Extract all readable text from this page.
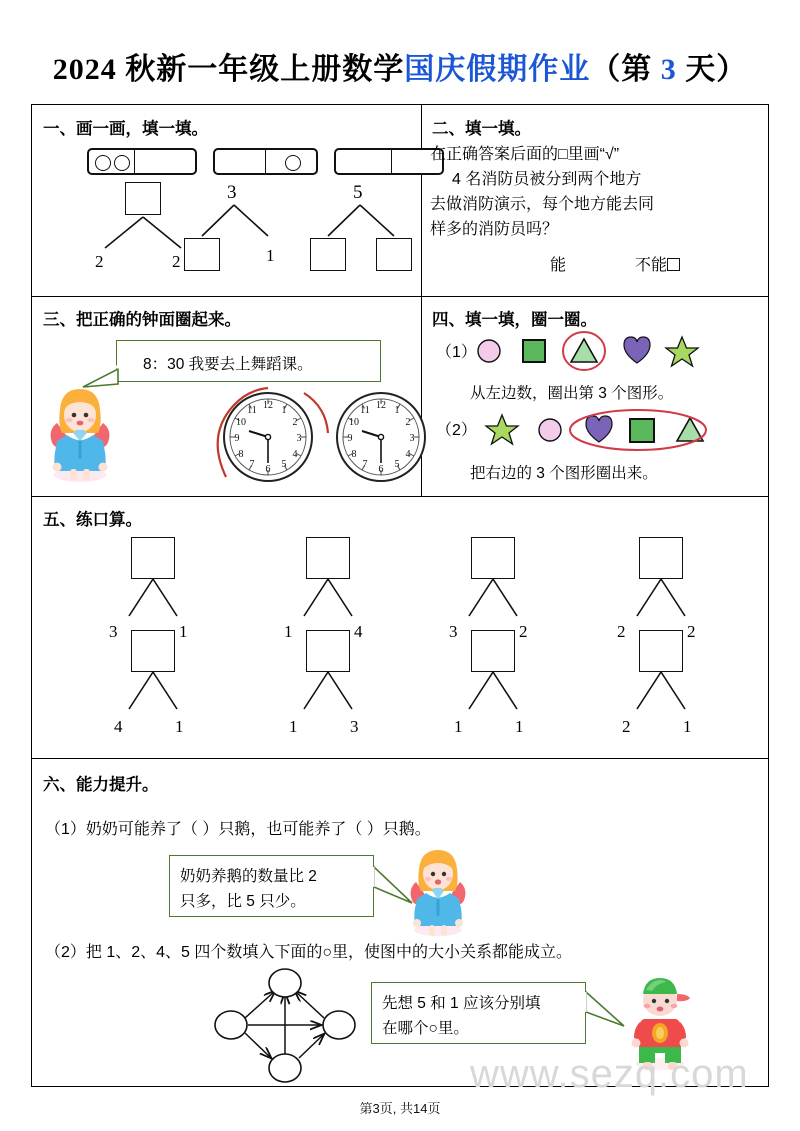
2024 秋新一年级上册数学国庆假期作业（第 3 天）
一、画一画，填一填。
2	2
3
1
5
二、填一填。
在正确答案后面的□里画“√”
4 名消防员被分到两个地方
去做消防演示，每个地方能去同
样多的消防员吗？
能	不能
三、把正确的钟面圈起来。
8：30 我要去上舞蹈课。
12 1
2
3
4
5
6
7
8
9
10
11	12 1
2
3
4
5
6
7
8
9
10
11
四、填一填，圈一圈。
（1）
从左边数，圈出第 3 个图形。
（2）
把右边的 3 个图形圈出来。
五、练口算。
3	1
4	1
1	4
1	3
3	2
1	1
2	2
2	1
六、能力提升。
（1）奶奶可能养了（ ）只鹅，也可能养了（ ）只鹅。
奶奶养鹅的数量比 2
只多，比 5 只少。
（2）把 1、2、4、5 四个数填入下面的○里，使图中的大小关系都能成立。
先想 5 和 1 应该分别填
在哪个○里。
www.sezq.com
第3页, 共14页
